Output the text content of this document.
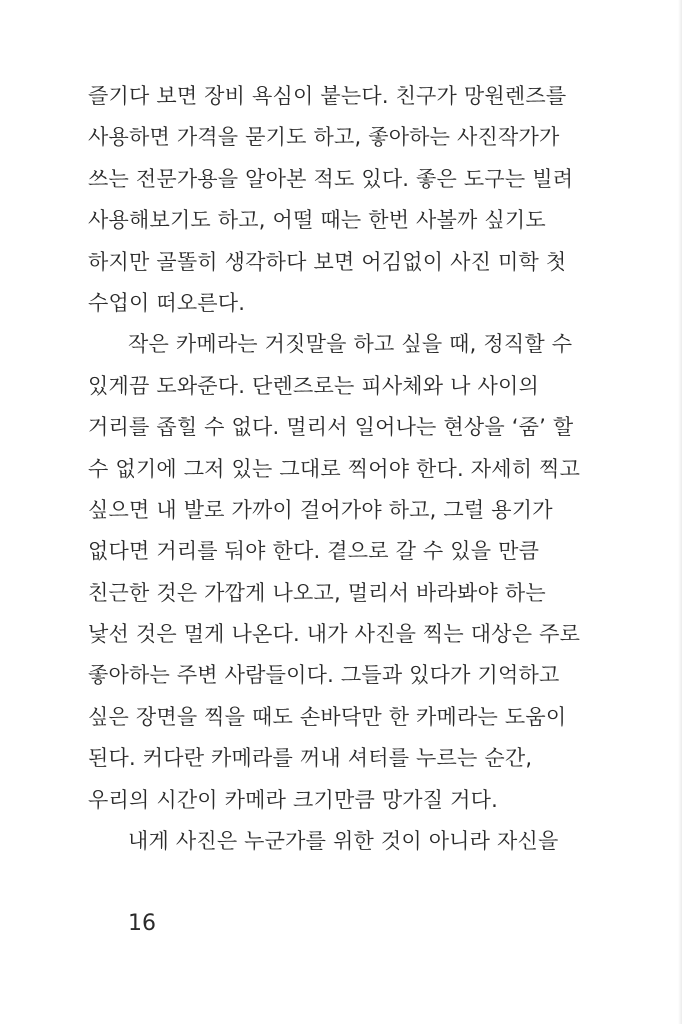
즐기다 보면 장비 욕심이 붙는다. 친구가 망원렌즈를
사용하면 가격을 묻기도 하고, 좋아하는 사진작가가
쓰는 전문가용을 알아본 적도 있다. 좋은 도구는 빌려
사용해보기도 하고, 어떨 때는 한번 사볼까 싶기도
하지만 골똘히 생각하다 보면 어김없이 사진 미학 첫
수업이 떠오른다.
작은 카메라는 거짓말을 하고 싶을 때, 정직할 수
있게끔 도와준다. 단렌즈로는 피사체와 나 사이의
거리를 좁힐 수 없다. 멀리서 일어나는 현상을 ‘줌’ 할
수 없기에 그저 있는 그대로 찍어야 한다. 자세히 찍고
싶으면 내 발로 가까이 걸어가야 하고, 그럴 용기가
없다면 거리를 둬야 한다. 곁으로 갈 수 있을 만큼
친근한 것은 가깝게 나오고, 멀리서 바라봐야 하는
낯선 것은 멀게 나온다. 내가 사진을 찍는 대상은 주로
좋아하는 주변 사람들이다. 그들과 있다가 기억하고
싶은 장면을 찍을 때도 손바닥만 한 카메라는 도움이
된다. 커다란 카메라를 꺼내 셔터를 누르는 순간,
우리의 시간이 카메라 크기만큼 망가질 거다.
내게 사진은 누군가를 위한 것이 아니라 자신을
16
